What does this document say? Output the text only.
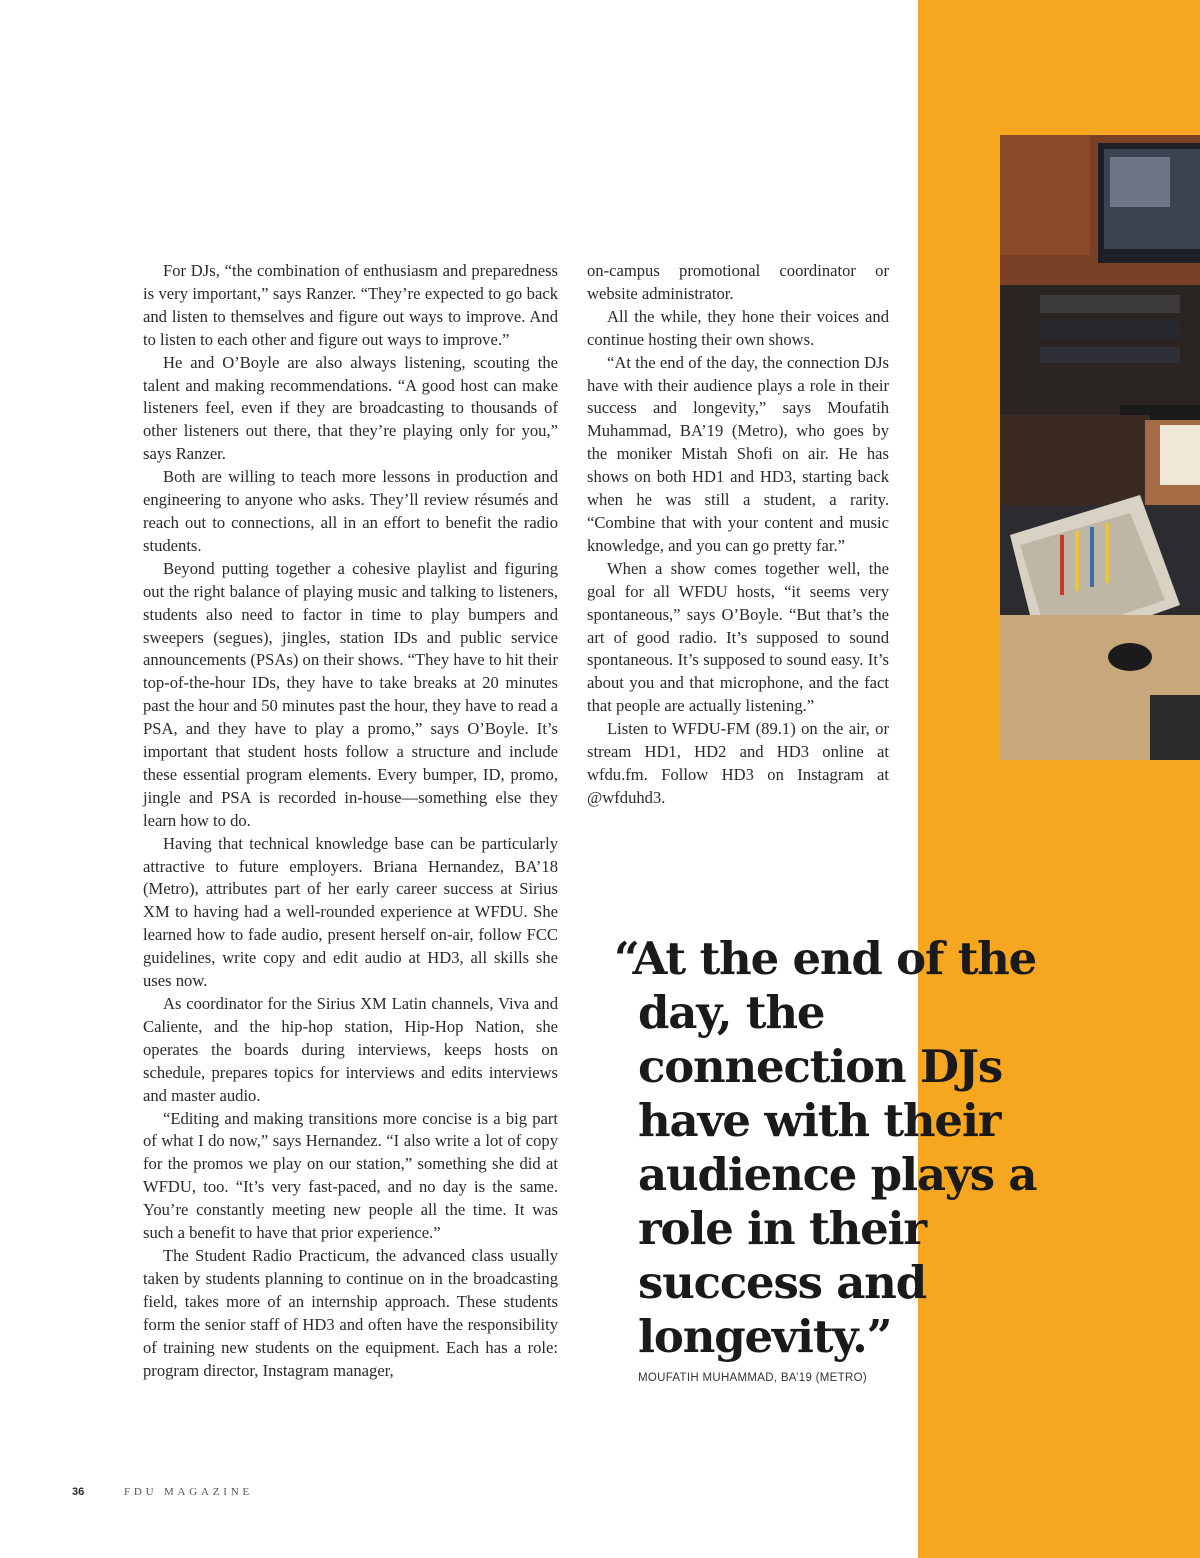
For DJs, “the combination of enthusiasm and preparedness is very important,” says Ranzer. “They’re expected to go back and listen to themselves and figure out ways to improve. And to listen to each other and figure out ways to improve.”

He and O’Boyle are also always listening, scouting the talent and making recommendations. “A good host can make listeners feel, even if they are broadcasting to thousands of other listeners out there, that they’re playing only for you,” says Ranzer.

Both are willing to teach more lessons in production and engineering to anyone who asks. They’ll review résumés and reach out to connections, all in an effort to benefit the radio students.

Beyond putting together a cohesive playlist and figuring out the right balance of playing music and talking to listeners, students also need to factor in time to play bumpers and sweepers (segues), jingles, station IDs and public service announcements (PSAs) on their shows. “They have to hit their top-of-the-hour IDs, they have to take breaks at 20 minutes past the hour and 50 minutes past the hour, they have to read a PSA, and they have to play a promo,” says O’Boyle. It’s important that student hosts follow a structure and include these essential program elements. Every bumper, ID, promo, jingle and PSA is recorded in-house—something else they learn how to do.

Having that technical knowledge base can be particularly attractive to future employers. Briana Hernandez, BA’18 (Metro), attributes part of her early career success at Sirius XM to having had a well-rounded experience at WFDU. She learned how to fade audio, present herself on-air, follow FCC guidelines, write copy and edit audio at HD3, all skills she uses now.

As coordinator for the Sirius XM Latin channels, Viva and Caliente, and the hip-hop station, Hip-Hop Nation, she operates the boards during interviews, keeps hosts on schedule, prepares topics for interviews and edits interviews and master audio.

“Editing and making transitions more concise is a big part of what I do now,” says Hernandez. “I also write a lot of copy for the promos we play on our station,” something she did at WFDU, too. “It’s very fast-paced, and no day is the same. You’re constantly meeting new people all the time. It was such a benefit to have that prior experience.”

The Student Radio Practicum, the advanced class usually taken by students planning to continue on in the broadcasting field, takes more of an internship approach. These students form the senior staff of HD3 and often have the responsibility of training new students on the equipment. Each has a role: program director, Instagram manager,

on-campus promotional coordinator or website administrator.

All the while, they hone their voices and continue hosting their own shows.

“At the end of the day, the connection DJs have with their audience plays a role in their success and longevity,” says Moufatih Muhammad, BA’19 (Metro), who goes by the moniker Mistah Shofi on air. He has shows on both HD1 and HD3, starting back when he was still a student, a rarity. “Combine that with your content and music knowledge, and you can go pretty far.”

When a show comes together well, the goal for all WFDU hosts, “it seems very spontaneous,” says O’Boyle. “But that’s the art of good radio. It’s supposed to sound spontaneous. It’s supposed to sound easy. It’s about you and that microphone, and the fact that people are actually listening.”

Listen to WFDU-FM (89.1) on the air, or stream HD1, HD2 and HD3 online at wfdu.fm. Follow HD3 on Instagram at @wfduhd3.

“At the end of the day, the connection DJs have with their audience plays a role in their success and longevity.”

MOUFATIH MUHAMMAD, BA’19 (METRO)
36	FDU MAGAZINE
